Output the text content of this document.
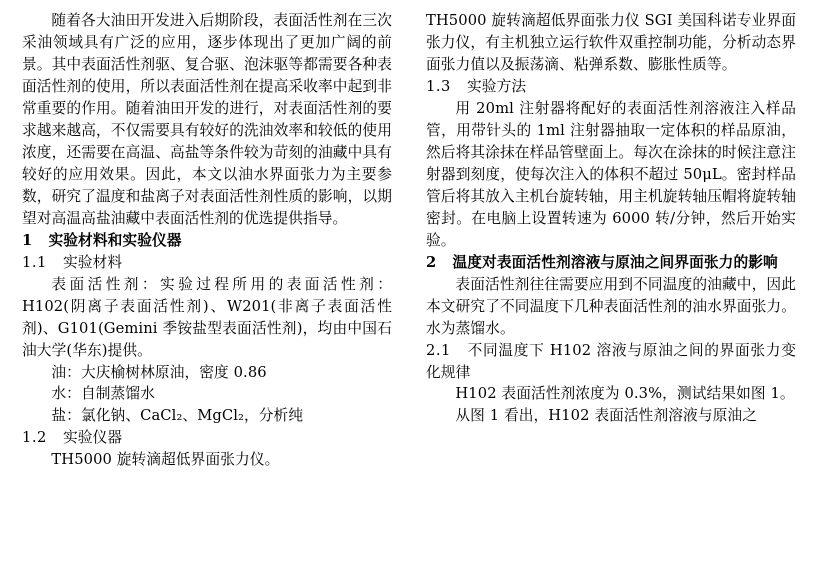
随着各大油田开发进入后期阶段，表面活性剂在三次采油领域具有广泛的应用，逐步体现出了更加广阔的前景。其中表面活性剂驱、复合驱、泡沫驱等都需要各种表面活性剂的使用，所以表面活性剂在提高采收率中起到非常重要的作用。随着油田开发的进行，对表面活性剂的要求越来越高，不仅需要具有较好的洗油效率和较低的使用浓度，还需要在高温、高盐等条件较为苛刻的油藏中具有较好的应用效果。因此，本文以油水界面张力为主要参数，研究了温度和盐离子对表面活性剂性质的影响，以期望对高温高盐油藏中表面活性剂的优选提供指导。

1 实验材料和实验仪器

1.1 实验材料

表面活性剂：实验过程所用的表面活性剂：H102(阴离子表面活性剂)、W201(非离子表面活性剂)、G101(Gemini 季铵盐型表面活性剂)，均由中国石油大学(华东)提供。

油：大庆榆树林原油，密度 0.86

水：自制蒸馏水

盐：氯化钠、CaCl₂、MgCl₂，分析纯

1.2 实验仪器

TH5000 旋转滴超低界面张力仪。

TH5000 旋转滴超低界面张力仪 SGI 美国科诺专业界面张力仪，有主机独立运行软件双重控制功能，分析动态界面张力值以及振荡滴、粘弹系数、膨胀性质等。

1.3 实验方法

用 20ml 注射器将配好的表面活性剂溶液注入样品管，用带针头的 1ml 注射器抽取一定体积的样品原油，然后将其涂抹在样品管壁面上。每次在涂抹的时候注意注射器到刻度，使每次注入的体积不超过 50μL。密封样品管后将其放入主机台旋转轴，用主机旋转轴压帽将旋转轴密封。在电脑上设置转速为 6000 转/分钟，然后开始实验。

2 温度对表面活性剂溶液与原油之间界面张力的影响

表面活性剂往往需要应用到不同温度的油藏中，因此本文研究了不同温度下几种表面活性剂的油水界面张力。水为蒸馏水。

2.1 不同温度下 H102 溶液与原油之间的界面张力变化规律

H102 表面活性剂浓度为 0.3%，测试结果如图 1。

从图 1 看出，H102 表面活性剂溶液与原油之
